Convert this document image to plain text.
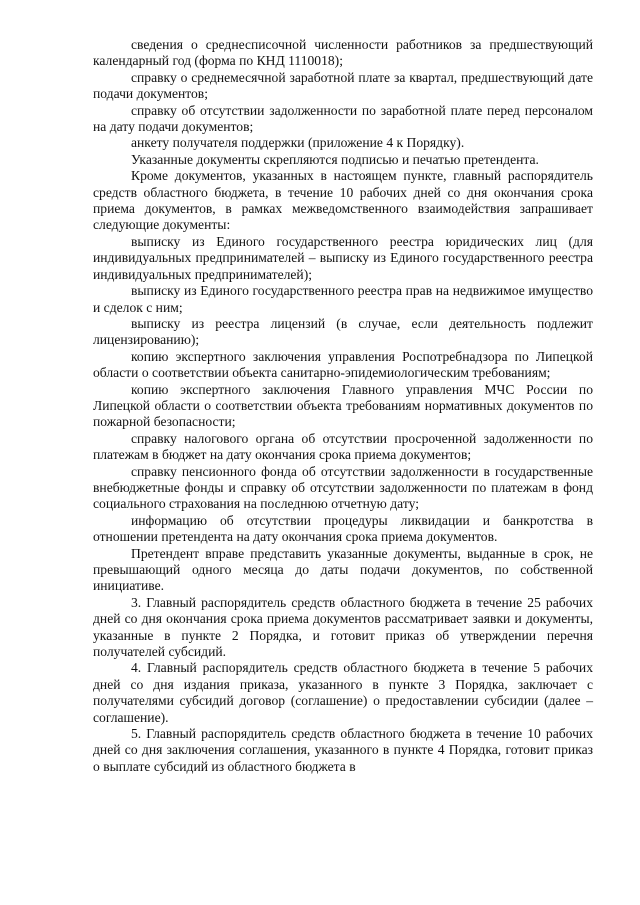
сведения о среднесписочной численности работников за предшествующий календарный год (форма по КНД 1110018);

справку о среднемесячной заработной плате за квартал, предшествующий дате подачи документов;

справку об отсутствии задолженности по заработной плате перед персоналом на дату подачи документов;

анкету получателя поддержки (приложение 4 к Порядку).

Указанные документы скрепляются подписью и печатью претендента.

Кроме документов, указанных в настоящем пункте, главный распорядитель средств областного бюджета, в течение 10 рабочих дней со дня окончания срока приема документов, в рамках межведомственного взаимодействия запрашивает следующие документы:

выписку из Единого государственного реестра юридических лиц (для индивидуальных предпринимателей – выписку из Единого государственного реестра индивидуальных предпринимателей);

выписку из Единого государственного реестра прав на недвижимое имущество и сделок с ним;

выписку из реестра лицензий (в случае, если деятельность подлежит лицензированию);

копию экспертного заключения управления Роспотребнадзора по Липецкой области о соответствии объекта санитарно-эпидемиологическим требованиям;

копию экспертного заключения Главного управления МЧС России по Липецкой области о соответствии объекта требованиям нормативных документов по пожарной безопасности;

справку налогового органа об отсутствии просроченной задолженности по платежам в бюджет на дату окончания срока приема документов;

справку пенсионного фонда об отсутствии задолженности в государственные внебюджетные фонды и справку об отсутствии задолженности по платежам в фонд социального страхования на последнюю отчетную дату;

информацию об отсутствии процедуры ликвидации и банкротства в отношении претендента на дату окончания срока приема документов.

Претендент вправе представить указанные документы, выданные в срок, не превышающий одного месяца до даты подачи документов, по собственной инициативе.

3. Главный распорядитель средств областного бюджета в течение 25 рабочих дней со дня окончания срока приема документов рассматривает заявки и документы, указанные в пункте 2 Порядка, и готовит приказ об утверждении перечня получателей субсидий.

4. Главный распорядитель средств областного бюджета в течение 5 рабочих дней со дня издания приказа, указанного в пункте 3 Порядка, заключает с получателями субсидий договор (соглашение) о предоставлении субсидии (далее – соглашение).

5. Главный распорядитель средств областного бюджета в течение 10 рабочих дней со дня заключения соглашения, указанного в пункте 4 Порядка, готовит приказ о выплате субсидий из областного бюджета в
